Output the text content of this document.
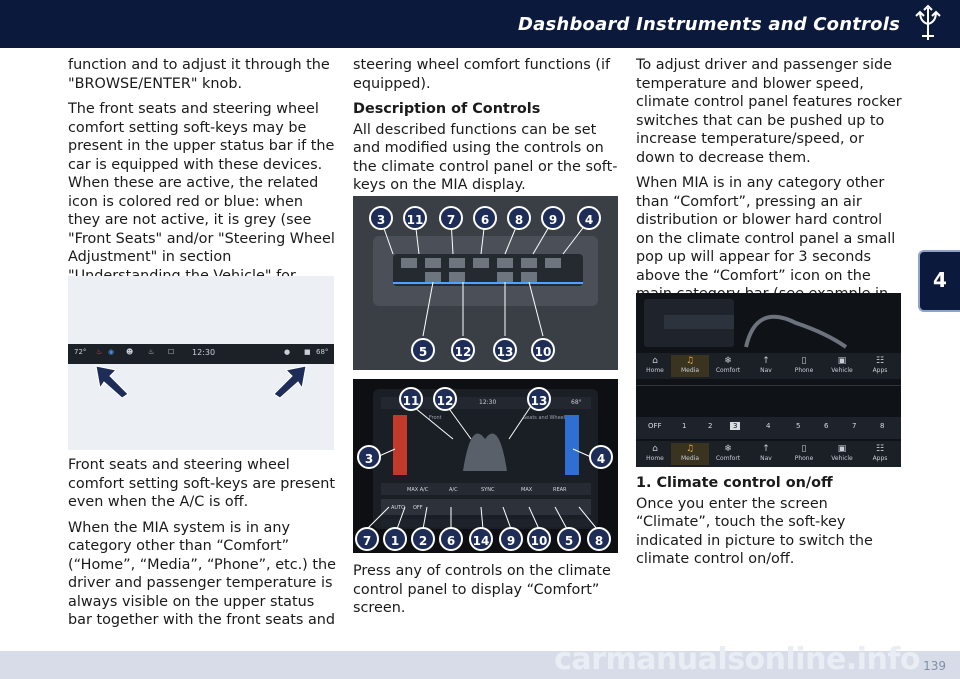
Dashboard Instruments and Controls
4

function and to adjust it through the "BROWSE/ENTER" knob.

The front seats and steering wheel comfort setting soft-keys may be present in the upper status bar if the car is equipped with these devices. When these are active, the related icon is colored red or blue: when they are not active, it is grey (see "Front Seats" and/or "Steering Wheel Adjustment" in section

Front seats and steering wheel comfort setting soft-keys are present even when the A/C is off.

When the MIA system is in any category other than “Comfort” (“Home”, “Media”, “Phone”, etc.) the driver and passenger temperature is always visible on the upper status bar together with the front seats and

72° ♨ ◉ ☻ ♨ ☐ 12:30	● ■ 68°

steering wheel comfort functions (if equipped).

Description of Controls

All described functions can be set and modified using the controls on the climate control panel or the soft-keys on the MIA display.

3	11	7	6	8	9	4
5	12	13	10
12:30	68°
Front	Seats and Wheel
AUTO OFF
MAX A/C	A/C	SYNC	MAX	REAR
11	12	13
3	4
7	1	2	6	14	9	10	5	8

Press any of controls on the climate control panel to display “Comfort” screen.

To adjust driver and passenger side temperature and blower speed, climate control panel features rocker switches that can be pushed up to increase temperature/speed, or down to decrease them.

When MIA is in any category other than “Comfort”, pressing an air distribution or blower hard control on the climate control panel a small pop up will appear for 3 seconds above the “Comfort” icon on the

⌂
Home
♫
Media
❄
Comfort
↑
Nav
▯
Phone
▣
Vehicle
☷
Apps
OFF	1	2	3	4	5	6	7	8
⌂
Home
♫
Media
❄
Comfort
↑
Nav
▯
Phone
▣
Vehicle
☷
Apps
1. Climate control on/off

Once you enter the screen “Climate”, touch the soft-key indicated in picture to switch the climate control on/off.

carmanualsonline.info 139
